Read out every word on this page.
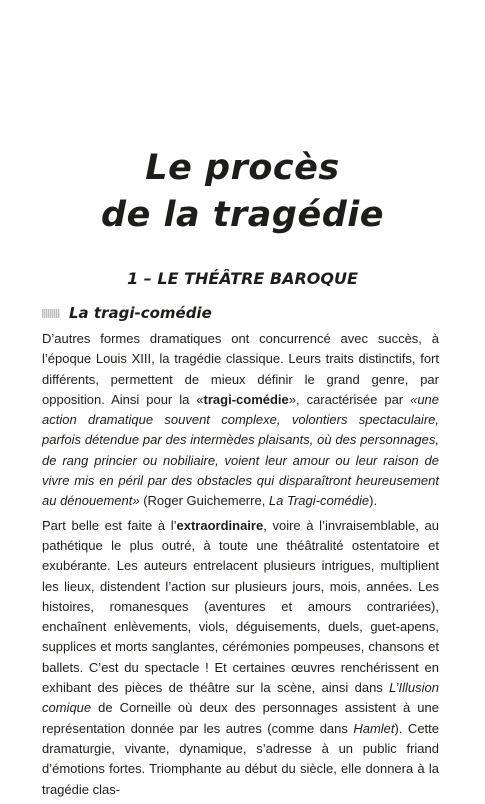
Le procès
de la tragédie
1 – LE THÉÂTRE BAROQUE
La tragi-comédie

D’autres formes dramatiques ont concurrencé avec succès, à l’époque Louis XIII, la tragédie classique. Leurs traits distinctifs, fort différents, permettent de mieux définir le grand genre, par opposition. Ainsi pour la «tragi-comédie», caractérisée par «une action dramatique souvent complexe, volontiers spectaculaire, parfois détendue par des intermèdes plaisants, où des personnages, de rang princier ou nobiliaire, voient leur amour ou leur raison de vivre mis en péril par des obstacles qui disparaîtront heureusement au dénouement» (Roger Guichemerre, La Tragi-comédie).

Part belle est faite à l’extraordinaire, voire à l’invraisemblable, au pathétique le plus outré, à toute une théâtralité ostentatoire et exubérante. Les auteurs entrelacent plusieurs intrigues, multiplient les lieux, distendent l’action sur plusieurs jours, mois, années. Les histoires, romanesques (aventures et amours contrariées), enchaînent enlèvements, viols, déguisements, duels, guet-apens, supplices et morts sanglantes, cérémonies pompeuses, chansons et ballets. C’est du spectacle ! Et certaines œuvres renchérissent en exhibant des pièces de théâtre sur la scène, ainsi dans L’Illusion comique de Corneille où deux des personnages assistent à une représentation donnée par les autres (comme dans Hamlet). Cette dramaturgie, vivante, dynamique, s’adresse à un public friand d’émotions fortes. Triomphante au début du siècle, elle donnera à la tragédie clas-
